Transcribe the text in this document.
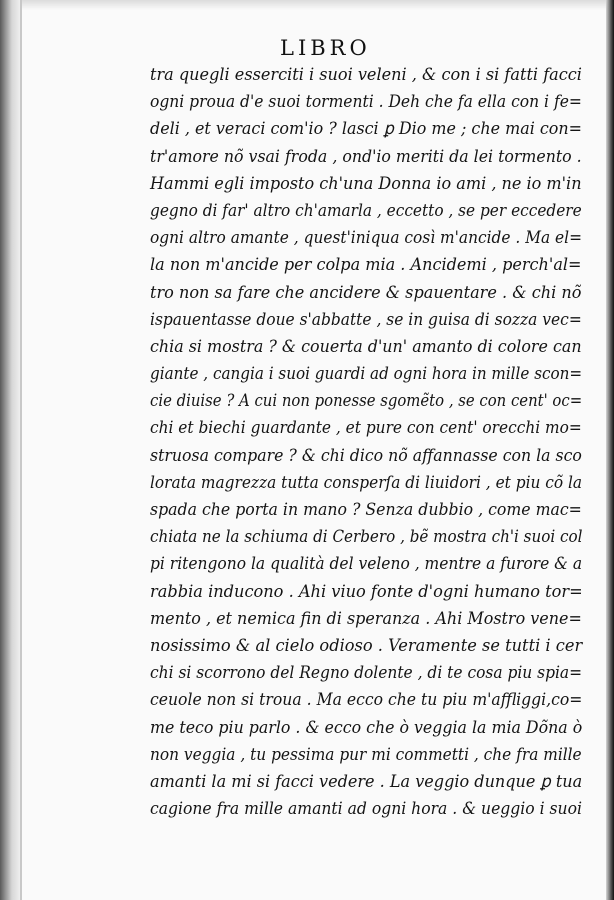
LIBRO
tra quegli esserciti i suoi veleni , & con i si fatti facci
ogni proua d'e suoi tormenti . Deh che fa ella con i fe=
deli , et veraci com'io ? lasci ꝑ Dio me ; che mai con=
tr'amore nõ vsai froda , ond'io meriti da lei tormento .
Hammi egli imposto ch'una Donna io ami , ne io m'in
gegno di far' altro ch'amarla , eccetto , se per eccedere
ogni altro amante , quest'iniqua così m'ancide . Ma el=
la non m'ancide per colpa mia . Ancidemi , perch'al=
tro non sa fare che ancidere & spauentare . & chi nõ
ispauentasse doue s'abbatte , se in guisa di sozza vec=
chia si mostra ? & couerta d'un' amanto di colore can
giante , cangia i suoi guardi ad ogni hora in mille scon=
cie diuise ? A cui non ponesse sgomẽto , se con cent' oc=
chi et biechi guardante , et pure con cent' orecchi mo=
struosa compare ? & chi dico nõ affannasse con la sco
lorata magrezza tutta consperſa di liuidori , et piu cõ la
spada che porta in mano ? Senza dubbio , come mac=
chiata ne la schiuma di Cerbero , bẽ mostra ch'i suoi col
pi ritengono la qualità del veleno , mentre a furore & a
rabbia inducono . Ahi viuo fonte d'ogni humano tor=
mento , et nemica fin di speranza . Ahi Mostro vene=
nosissimo & al cielo odioso . Veramente se tutti i cer
chi si scorrono del Regno dolente , di te cosa piu spia=
ceuole non si troua . Ma ecco che tu piu m'affliggi,co=
me teco piu parlo . & ecco che ò veggia la mia Dõna ò
non veggia , tu pessima pur mi commetti , che fra mille
amanti la mi si facci vedere . La veggio dunque ꝑ tua
cagione fra mille amanti ad ogni hora . & ueggio i suoi
